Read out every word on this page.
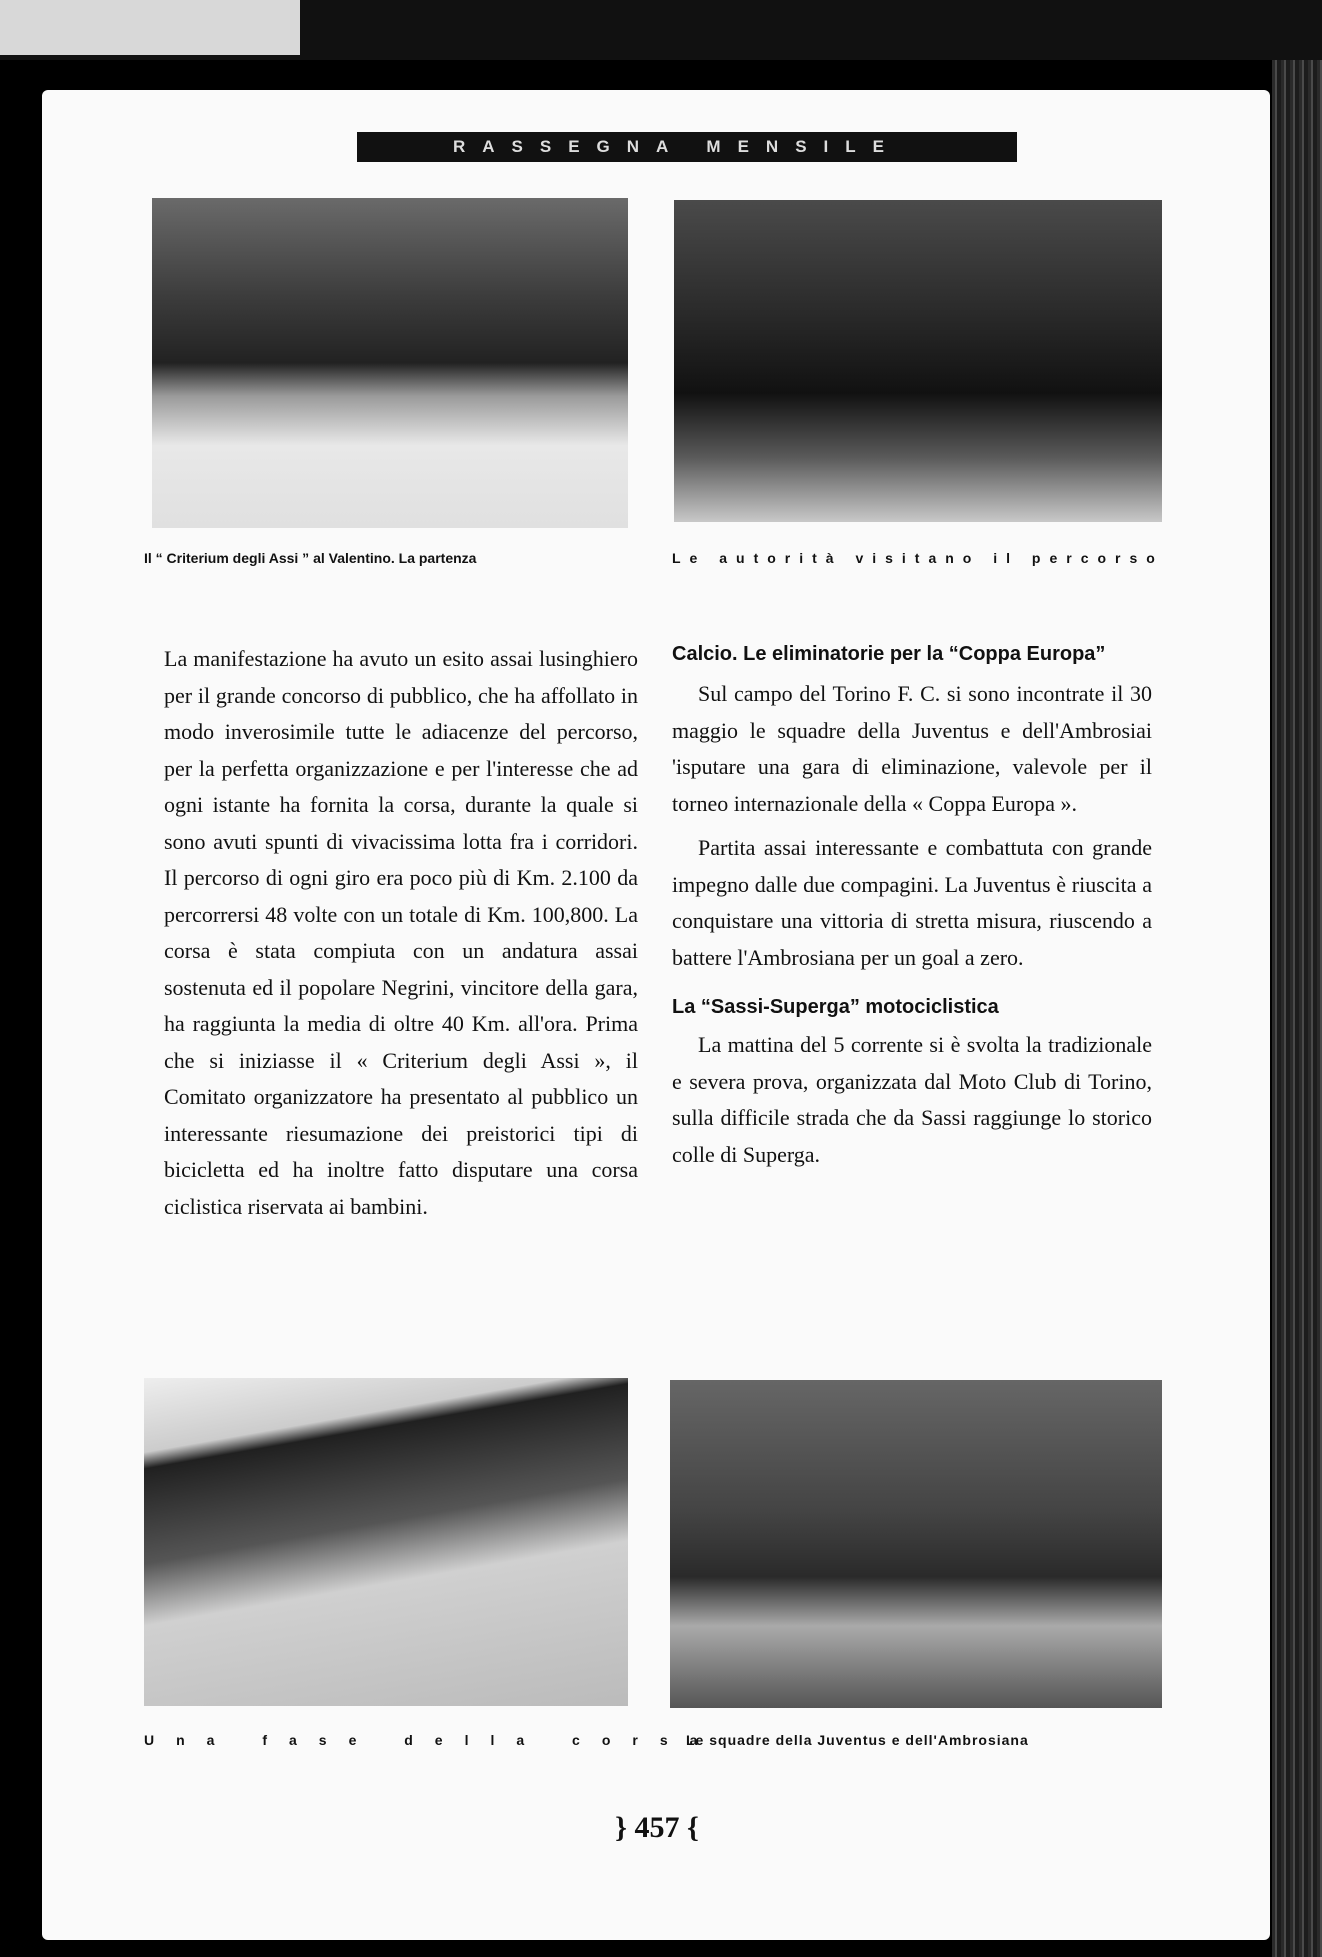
RASSEGNA MENSILE
Il “ Criterium degli Assi ” al Valentino. La partenza	Le autorità visitano il percorso

La manifestazione ha avuto un esito assai lusinghiero per il grande concorso di pubblico, che ha affollato in modo inverosimile tutte le adiacenze del percorso, per la perfetta organizzazione e per l'interesse che ad ogni istante ha fornita la corsa, durante la quale si sono avuti spunti di vivacissima lotta fra i corridori. Il percorso di ogni giro era poco più di Km. 2.100 da percorrersi 48 volte con un totale di Km. 100,800. La corsa è stata compiuta con un andatura assai sostenuta ed il popolare Negrini, vincitore della gara, ha raggiunta la media di oltre 40 Km. all'ora. Prima che si iniziasse il « Criterium degli Assi », il Comitato organizzatore ha presentato al pubblico un interessante riesumazione dei preistorici tipi di bicicletta ed ha inoltre fatto disputare una corsa ciclistica riservata ai bambini.

Calcio. Le eliminatorie per la “Coppa Europa”

Sul campo del Torino F. C. si sono incontrate il 30 maggio le squadre della Juventus e dell'Ambrosiai 'isputare una gara di eliminazione, valevole per il torneo internazionale della « Coppa Europa ».

Partita assai interessante e combattuta con grande impegno dalle due compagini. La Juventus è riuscita a conquistare una vittoria di stretta misura, riuscendo a battere l'Ambrosiana per un goal a zero.

La “Sassi-Superga” motociclistica

La mattina del 5 corrente si è svolta la tradizionale e severa prova, organizzata dal Moto Club di Torino, sulla difficile strada che da Sassi raggiunge lo storico colle di Superga.

Una fase della corsa
Le squadre della Juventus e dell'Ambrosiana
} 457 {
